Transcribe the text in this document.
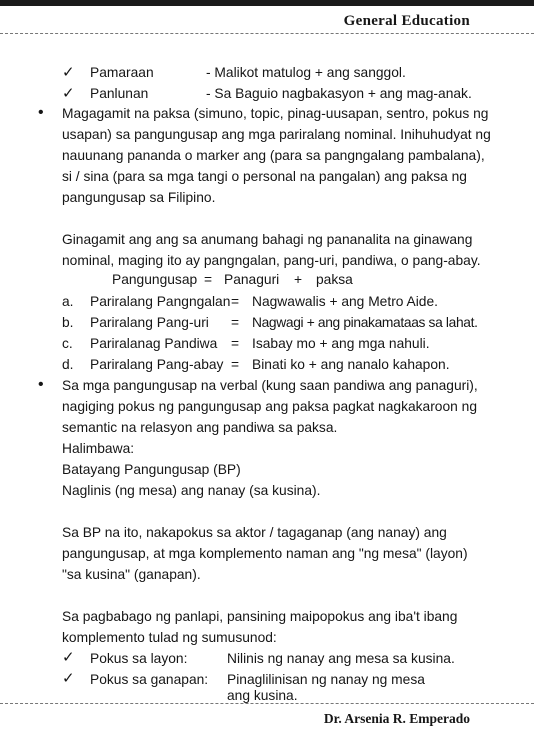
General Education
✓ Pamaraan	- Malikot matulog + ang sanggol.
✓ Panlunan	- Sa Baguio nagbakasyon + ang mag-anak.
• Magagamit na paksa (simuno, topic, pinag-uusapan, sentro, pokus ng
usapan) sa pangungusap ang mga pariralang nominal. Inihuhudyat ng
nauunang pananda o marker ang (para sa pangngalang pambalana),
si / sina (para sa mga tangi o personal na pangalan) ang paksa ng
pangungusap sa Filipino.
Ginagamit ang ang sa anumang bahagi ng pananalita na ginawang
nominal, maging ito ay pangngalan, pang-uri, pandiwa, o pang-abay.
Pangungusap = Panaguri + paksa
a. Pariralang Pangngalan = Nagwawalis + ang Metro Aide.
b. Pariralang Pang-uri = Nagwagi + ang pinakamataas sa lahat.
c. Pariralanag Pandiwa = Isabay mo + ang mga nahuli.
d. Pariralang Pang-abay = Binati ko + ang nanalo kahapon.
• Sa mga pangungusap na verbal (kung saan pandiwa ang panaguri),
nagiging pokus ng pangungusap ang paksa pagkat nagkakaroon ng
semantic na relasyon ang pandiwa sa paksa.
Halimbawa:
Batayang Pangungusap (BP)
Naglinis (ng mesa) ang nanay (sa kusina).
Sa BP na ito, nakapokus sa aktor / tagaganap (ang nanay) ang
pangungusap, at mga komplemento naman ang "ng mesa" (layon)
"sa kusina" (ganapan).
Sa pagbabago ng panlapi, pansining maipopokus ang iba't ibang
komplemento tulad ng sumusunod:
✓ Pokus sa layon:	Nilinis ng nanay ang mesa sa kusina.
✓ Pokus sa ganapan: Pinaglilinisan ng nanay ng mesa
ang kusina.
Dr. Arsenia R. Emperado
